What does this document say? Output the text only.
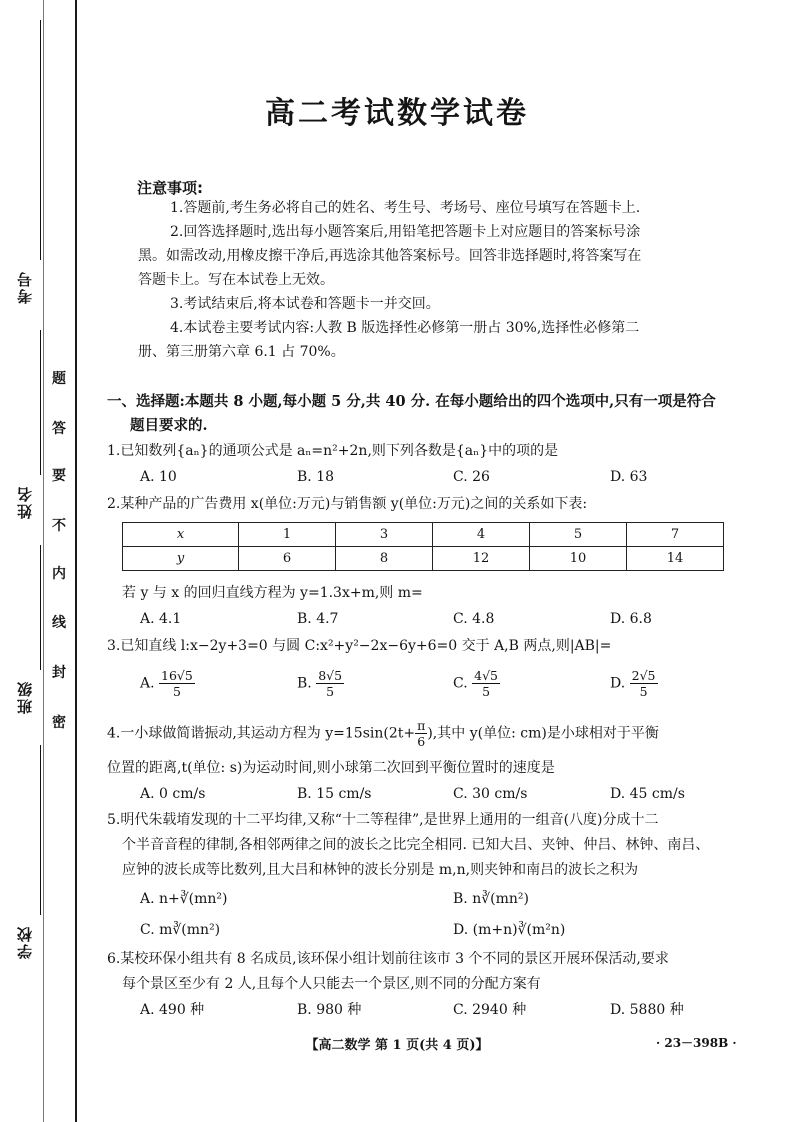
考号
姓名
班级
学校
题
答
要
不
内
线
封
密
高二考试数学试卷
注意事项:
1.答题前,考生务必将自己的姓名、考生号、考场号、座位号填写在答题卡上.
2.回答选择题时,选出每小题答案后,用铅笔把答题卡上对应题目的答案标号涂
黑。如需改动,用橡皮擦干净后,再选涂其他答案标号。回答非选择题时,将答案写在
答题卡上。写在本试卷上无效。
3.考试结束后,将本试卷和答题卡一并交回。
4.本试卷主要考试内容:人教 B 版选择性必修第一册占 30%,选择性必修第二
册、第三册第六章 6.1 占 70%。
一、选择题:本题共 8 小题,每小题 5 分,共 40 分. 在每小题给出的四个选项中,只有一项是符合
题目要求的.
1.已知数列{aₙ}的通项公式是 aₙ=n²+2n,则下列各数是{aₙ}中的项的是
A. 10	B. 18	C. 26	D. 63
2.某种产品的广告费用 x(单位:万元)与销售额 y(单位:万元)之间的关系如下表:
x	1	3	4	5	7
y	6	8	12	10	14
若 y 与 x 的回归直线方程为 y=1.3x+m,则 m=
A. 4.1	B. 4.7	C. 4.8	D. 6.8
3.已知直线 l:x−2y+3=0 与圆 C:x²+y²−2x−6y+6=0 交于 A,B 两点,则|AB|=
A. $\frac{16√5}{5}$	B. $\frac{8√5}{5}$	C. $\frac{4√5}{5}$	D. $\frac{2√5}{5}$
4.一小球做简谐振动,其运动方程为 $y=15\sin(2t+ \frac{\pi}{6}$ ),其中 y(单位: cm)是小球相对于平衡
位置的距离,t(单位: s)为运动时间,则小球第二次回到平衡位置时的速度是
A. 0 cm/s	B. 15 cm/s	C. 30 cm/s	D. 45 cm/s
5.明代朱载堉发现的十二平均律,又称“十二等程律”,是世界上通用的一组音(八度)分成十二
个半音音程的律制,各相邻两律之间的波长之比完全相同. 已知大吕、夹钟、仲吕、林钟、南吕、
应钟的波长成等比数列,且大吕和林钟的波长分别是 m,n,则夹钟和南吕的波长之积为
A. n+∛(mn²)	B. n∛(mn²)
C. m∛(mn²)	D. (m+n)∛(m²n)
6.某校环保小组共有 8 名成员,该环保小组计划前往该市 3 个不同的景区开展环保活动,要求
每个景区至少有 2 人,且每个人只能去一个景区,则不同的分配方案有
A. 490 种	B. 980 种	C. 2940 种	D. 5880 种
【高二数学 第 1 页(共 4 页)】	· 23－398B ·
